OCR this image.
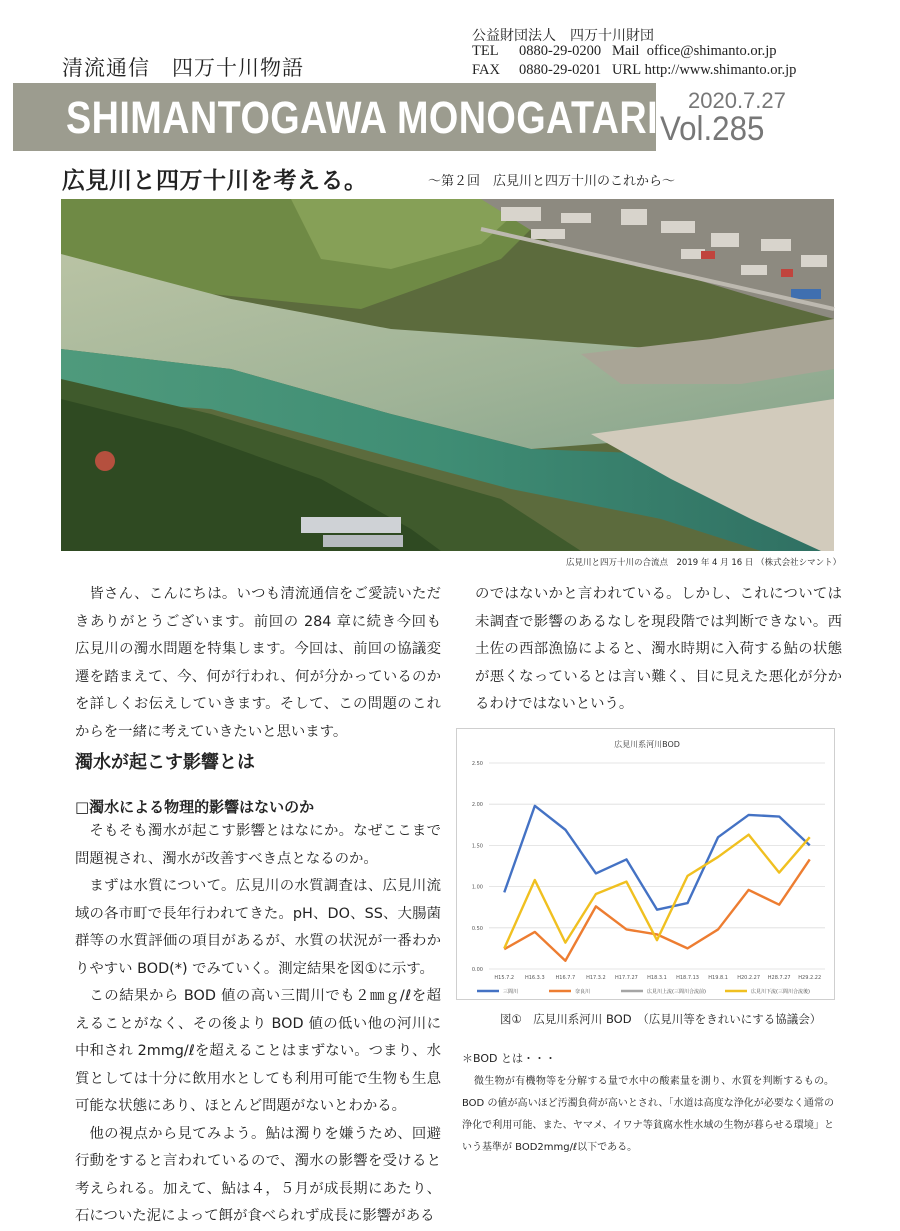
清流通信　四万十川物語
公益財団法人　四万十川財団
TEL 0880-29-0200 Mail office@shimanto.or.jp
FAX 0880-29-0201 URL http://www.shimanto.or.jp
SHIMANTOGAWA MONOGATARI 2020.7.27
Vol.285
広見川と四万十川を考える。	～第２回　広見川と四万十川のこれから～
広見川と四万十川の合流点　2019 年 4 月 16 日 （株式会社シマント）

皆さん、こんにちは。いつも清流通信をご愛読いただきありがとうございます。前回の 284 章に続き今回も広見川の濁水問題を特集します。今回は、前回の協議変遷を踏まえて、今、何が行われ、何が分かっているのかを詳しくお伝えしていきます。そして、この問題のこれからを一緒に考えていきたいと思います。

のではないかと言われている。しかし、これについては未調査で影響のあるなしを現段階では判断できない。西土佐の西部漁協によると、濁水時期に入荷する鮎の状態が悪くなっているとは言い難く、目に見えた悪化が分かるわけではないという。

濁水が起こす影響とは
□濁水による物理的影響はないのか

そもそも濁水が起こす影響とはなにか。なぜここまで問題視され、濁水が改善すべき点となるのか。

まずは水質について。広見川の水質調査は、広見川流域の各市町で長年行われてきた。pH、DO、SS、大腸菌群等の水質評価の項目があるが、水質の状況が一番わかりやすい BOD(*) でみていく。測定結果を図①に示す。

この結果から BOD 値の高い三間川でも２㎜ｇ/ℓを超えることがなく、その後より BOD 値の低い他の河川に中和され 2mmg/ℓを超えることはまずない。つまり、水質としては十分に飲用水としても利用可能で生物も生息可能な状態にあり、ほとんど問題がないとわかる。

他の視点から見てみよう。鮎は濁りを嫌うため、回避行動をすると言われているので、濁水の影響を受けると考えられる。加えて、鮎は４，５月が成長期にあたり、石についた泥によって餌が食べられず成長に影響がある

広見川系河川BOD
0.00
0.50
1.00
1.50
2.00
2.50
H15.7.2 H16.3.3 H16.7.7 H17.3.2 H17.7.27 H18.3.1 H18.7.13 H19.8.1 H20.2.27 H28.7.27 H29.2.22
三間川	奈良川	広見川上流(三間川合流前)	広見川下流(三間川合流後)
図①　広見川系河川 BOD　（広見川等をきれいにする協議会）
＊BOD とは・・・

微生物が有機物等を分解する量で水中の酸素量を測り、水質を判断するもの。BOD の値が高いほど汚濁負荷が高いとされ、「水道は高度な浄化が必要なく通常の浄化で利用可能、また、ヤマメ、イワナ等貧腐水性水域の生物が暮らせる環境」という基準が BOD2mmg/ℓ以下である。
